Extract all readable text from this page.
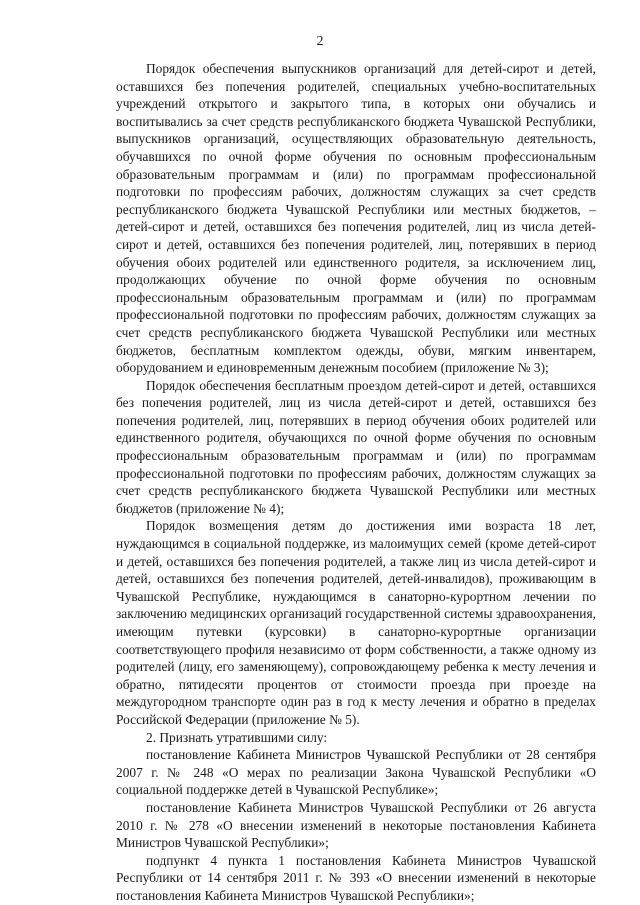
2

Порядок обеспечения выпускников организаций для детей-сирот и детей, оставшихся без попечения родителей, специальных учебно-воспитательных учреждений открытого и закрытого типа, в которых они обучались и воспитывались за счет средств республиканского бюджета Чувашской Республики, выпускников организаций, осуществляющих образовательную деятельность, обучавшихся по очной форме обучения по основным профессиональным образовательным программам и (или) по программам профессиональной подготовки по профессиям рабочих, должностям служащих за счет средств республиканского бюджета Чувашской Республики или местных бюджетов, – детей-сирот и детей, оставшихся без попечения родителей, лиц из числа детей-сирот и детей, оставшихся без попечения родителей, лиц, потерявших в период обучения обоих родителей или единственного родителя, за исключением лиц, продолжающих обучение по очной форме обучения по основным профессиональным образовательным программам и (или) по программам профессиональной подготовки по профессиям рабочих, должностям служащих за счет средств республиканского бюджета Чувашской Республики или местных бюджетов, бесплатным комплектом одежды, обуви, мягким инвентарем, оборудованием и единовременным денежным пособием (приложение № 3);

Порядок обеспечения бесплатным проездом детей-сирот и детей, оставшихся без попечения родителей, лиц из числа детей-сирот и детей, оставшихся без попечения родителей, лиц, потерявших в период обучения обоих родителей или единственного родителя, обучающихся по очной форме обучения по основным профессиональным образовательным программам и (или) по программам профессиональной подготовки по профессиям рабочих, должностям служащих за счет средств республиканского бюджета Чувашской Республики или местных бюджетов (приложение № 4);

Порядок возмещения детям до достижения ими возраста 18 лет, нуждающимся в социальной поддержке, из малоимущих семей (кроме детей-сирот и детей, оставшихся без попечения родителей, а также лиц из числа детей-сирот и детей, оставшихся без попечения родителей, детей-инвалидов), проживающим в Чувашской Республике, нуждающимся в санаторно-курортном лечении по заключению медицинских организаций государственной системы здравоохранения, имеющим путевки (курсовки) в санаторно-курортные организации соответствующего профиля независимо от форм собственности, а также одному из родителей (лицу, его заменяющему), сопровождающему ребенка к месту лечения и обратно, пятидесяти процентов от стоимости проезда при проезде на междугородном транспорте один раз в год к месту лечения и обратно в пределах Российской Федерации (приложение № 5).

2. Признать утратившими силу:

постановление Кабинета Министров Чувашской Республики от 28 сентября 2007 г. № 248 «О мерах по реализации Закона Чувашской Республики «О социальной поддержке детей в Чувашской Республике»;

постановление Кабинета Министров Чувашской Республики от 26 августа 2010 г. № 278 «О внесении изменений в некоторые постановления Кабинета Министров Чувашской Республики»;

подпункт 4 пункта 1 постановления Кабинета Министров Чувашской Республики от 14 сентября 2011 г. № 393 «О внесении изменений в некоторые постановления Кабинета Министров Чувашской Республики»;
